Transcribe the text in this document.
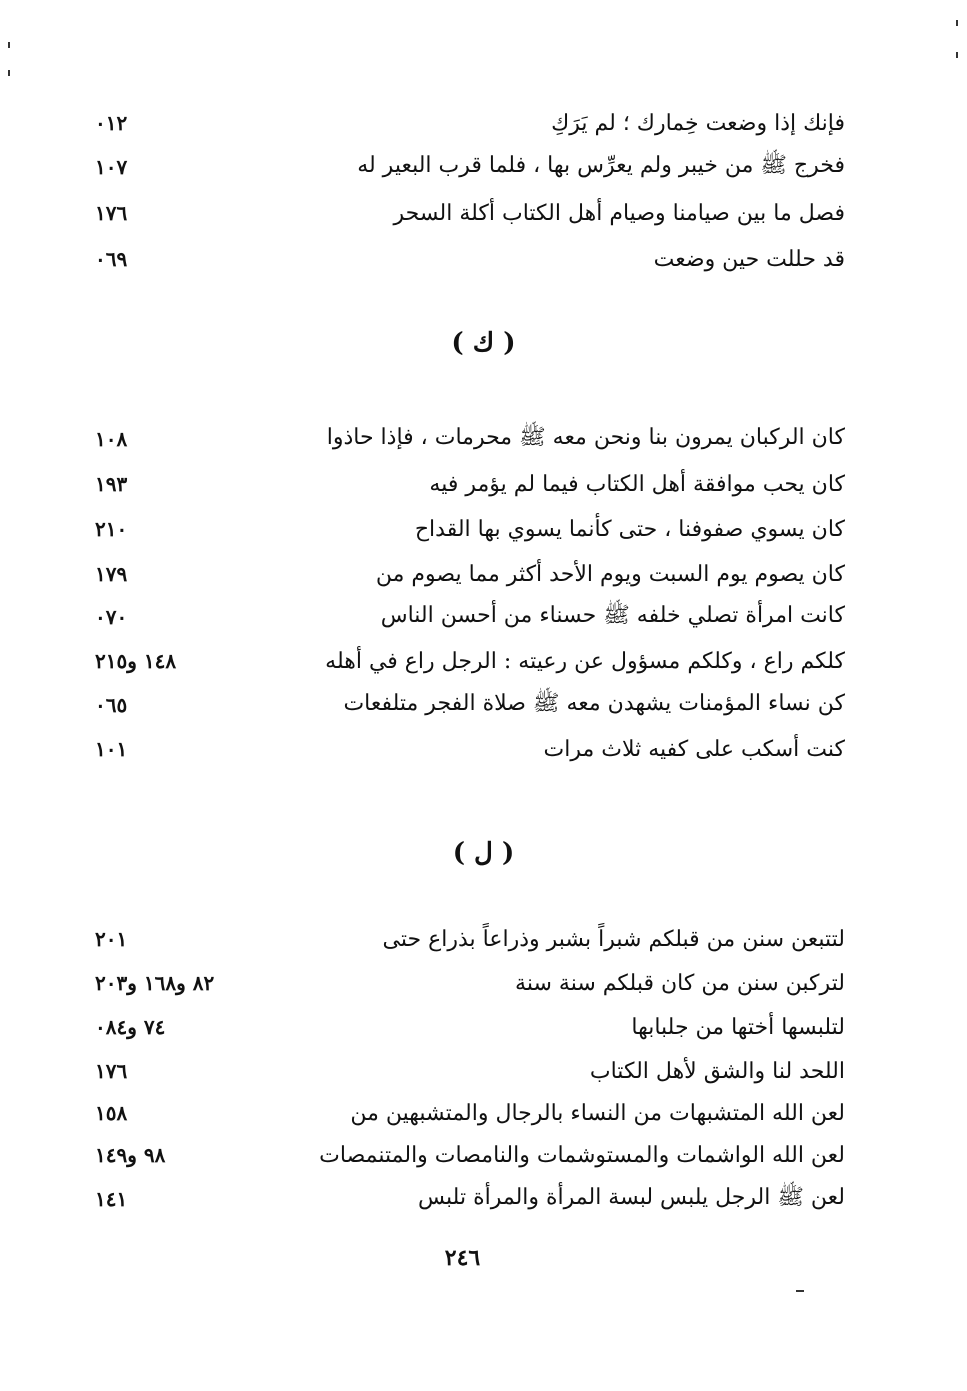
فإنك إذا وضعت خِمارك ؛ لم يَرَكِ
٠١٢
فخرج ﷺ من خيبر ولم يعرِّس بها ، فلما قرب البعير له
١٠٧
فصل ما بين صيامنا وصيام أهل الكتاب أكلة السحر
١٧٦
قد حللت حين وضعت
٠٦٩
( ك )
كان الركبان يمرون بنا ونحن معه ﷺ محرمات ، فإذا حاذوا
١٠٨
كان يحب موافقة أهل الكتاب فيما لم يؤمر فيه
١٩٣
كان يسوي صفوفنا ، حتى كأنما يسوي بها القداح
٢١٠
كان يصوم يوم السبت ويوم الأحد أكثر مما يصوم من
١٧٩
كانت امرأة تصلي خلفه ﷺ حسناء من أحسن الناس
٠٧٠
كلكم راع ، وكلكم مسؤول عن رعيته : الرجل راع في أهله
١٤٨ و٢١٥
كن نساء المؤمنات يشهدن معه ﷺ صلاة الفجر متلفعات
٠٦٥
كنت أسكب على كفيه ثلاث مرات
١٠١
( ل )
لتتبعن سنن من قبلكم شبراً بشبر وذراعاً بذراع حتى
٢٠١
لتركبن سنن من كان قبلكم سنة سنة
٨٢ و١٦٨ و٢٠٣
لتلبسها أختها من جلبابها
٧٤ و٠٨٤
اللحد لنا والشق لأهل الكتاب
١٧٦
لعن الله المتشبهات من النساء بالرجال والمتشبهين من
١٥٨
لعن الله الواشمات والمستوشمات والنامصات والمتنمصات
٩٨ و١٤٩
لعن ﷺ الرجل يلبس لبسة المرأة والمرأة تلبس
١٤١
٢٤٦
